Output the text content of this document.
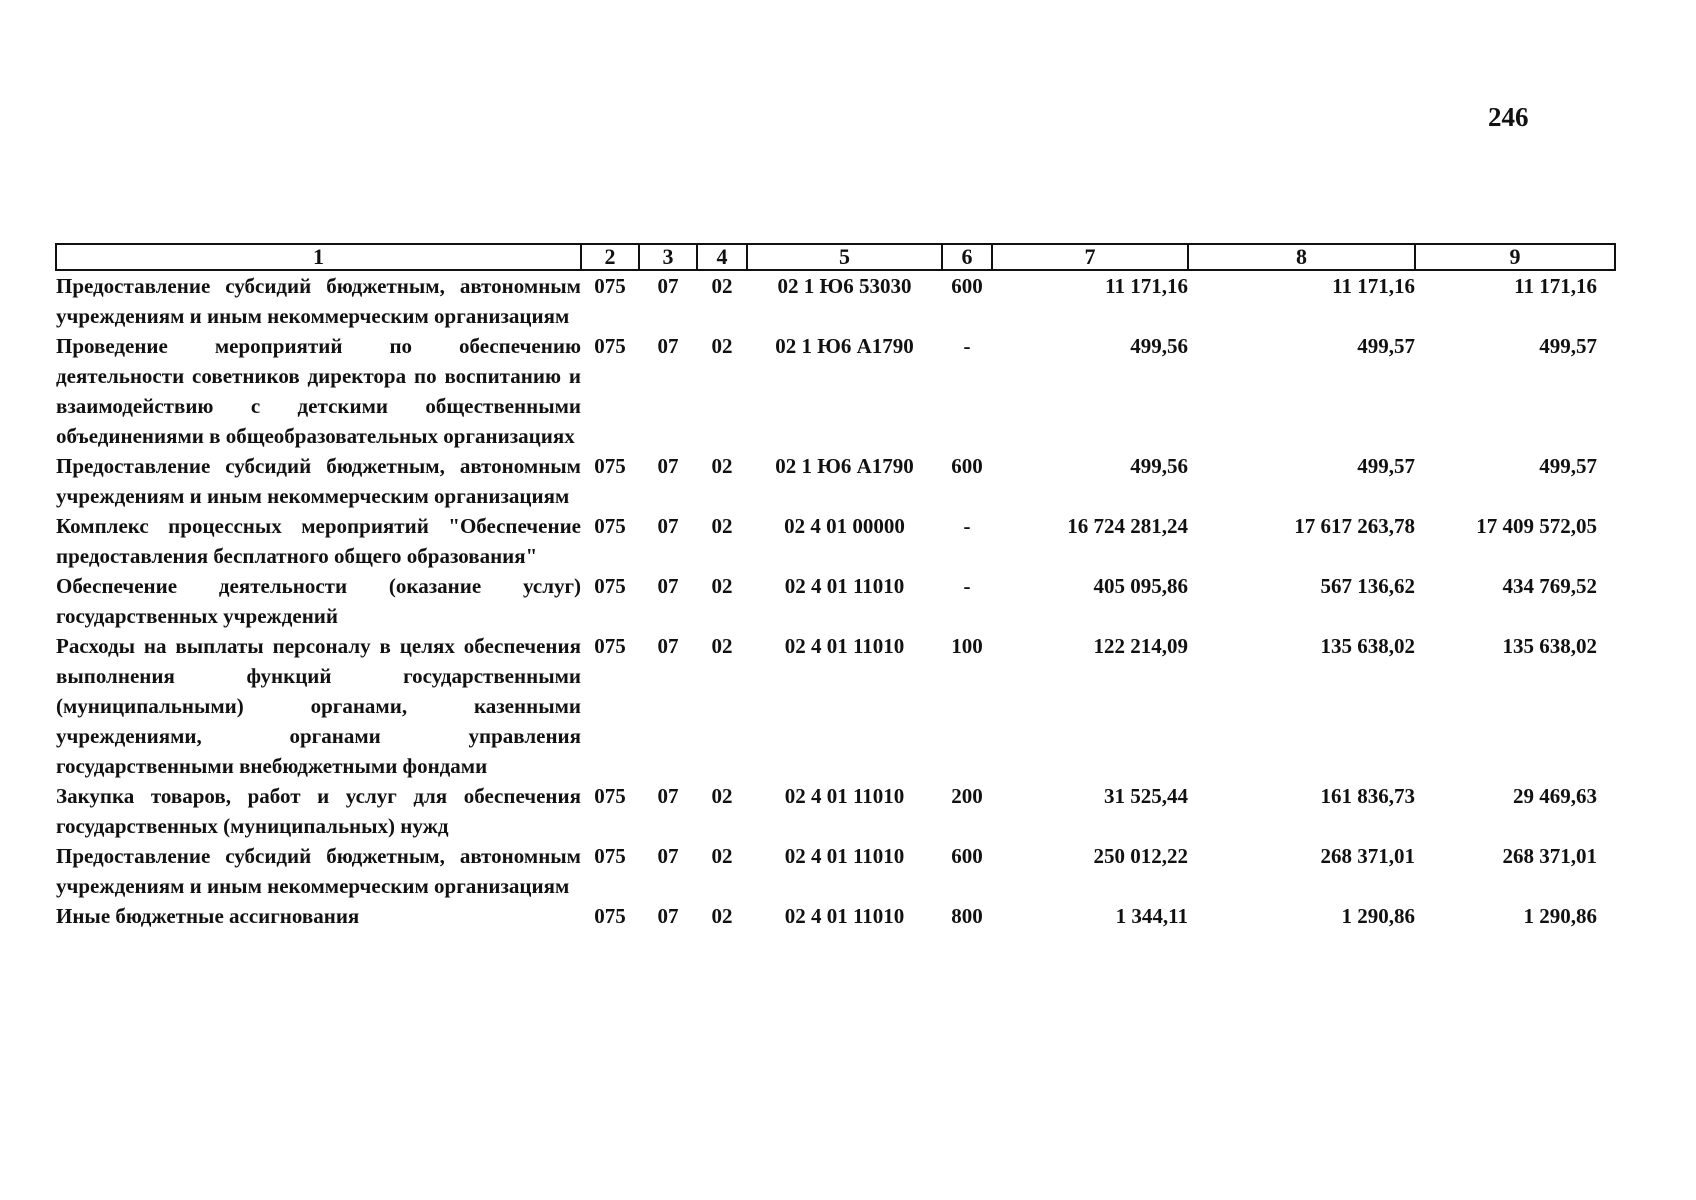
246
1	2	3	4	5	6	7	8	9
Предоставление субсидий бюджетным, автономным учреждениям и иным некоммерческим организациям	075	07	02	02 1 Ю6 53030	600	11 171,16	11 171,16	11 171,16
Проведение мероприятий по обеспечению деятельности советников директора по воспитанию и взаимодействию с детскими общественными объединениями в общеобразовательных организациях	075	07	02	02 1 Ю6 А1790	-	499,56	499,57	499,57
Предоставление субсидий бюджетным, автономным учреждениям и иным некоммерческим организациям	075	07	02	02 1 Ю6 А1790	600	499,56	499,57	499,57
Комплекс процессных мероприятий "Обеспечение предоставления бесплатного общего образования"	075	07	02	02 4 01 00000	-	16 724 281,24	17 617 263,78	17 409 572,05
Обеспечение деятельности (оказание услуг) государственных учреждений	075	07	02	02 4 01 11010	-	405 095,86	567 136,62	434 769,52
Расходы на выплаты персоналу в целях обеспечения выполнения функций государственными (муниципальными) органами, казенными учреждениями, органами управления государственными внебюджетными фондами	075	07	02	02 4 01 11010	100	122 214,09	135 638,02	135 638,02
Закупка товаров, работ и услуг для обеспечения государственных (муниципальных) нужд	075	07	02	02 4 01 11010	200	31 525,44	161 836,73	29 469,63
Предоставление субсидий бюджетным, автономным учреждениям и иным некоммерческим организациям	075	07	02	02 4 01 11010	600	250 012,22	268 371,01	268 371,01
Иные бюджетные ассигнования	075	07	02	02 4 01 11010	800	1 344,11	1 290,86	1 290,86
